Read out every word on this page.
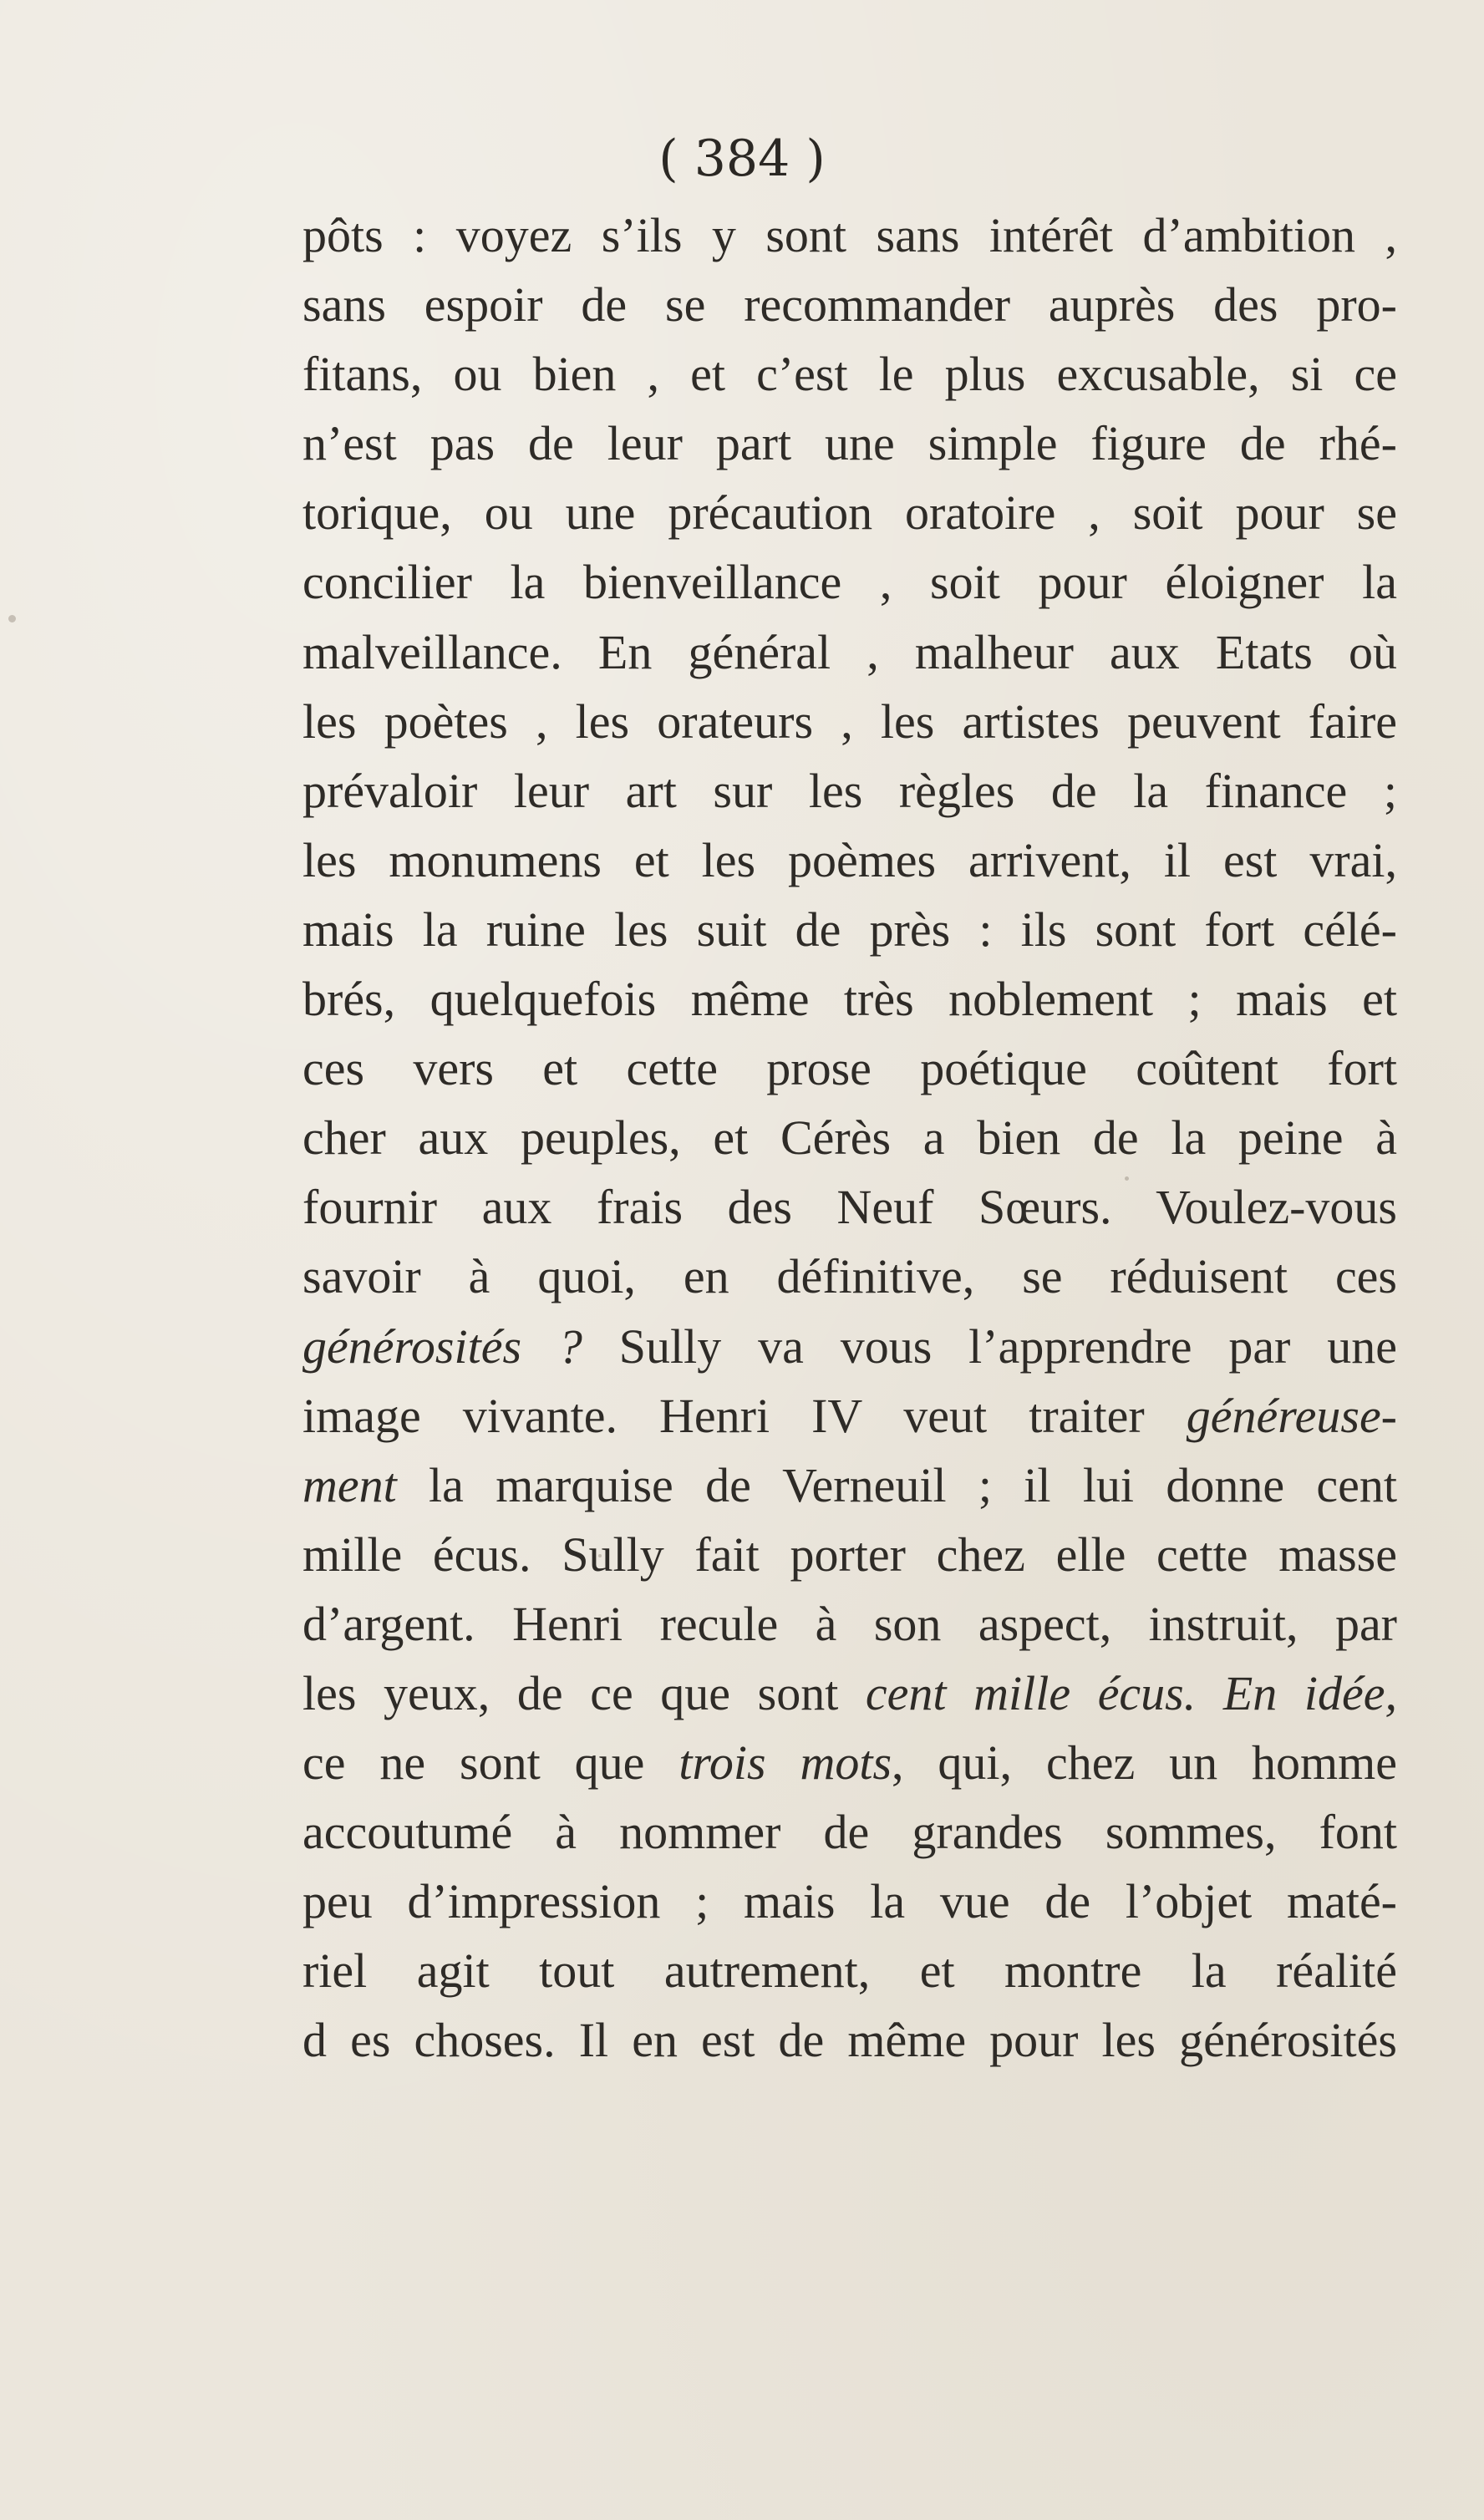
( 384 )
pôts : voyez s’ils y sont sans intérêt d’ambition ,
sans espoir de se recommander auprès des pro-
fitans, ou bien , et c’est le plus excusable, si ce
n’est pas de leur part une simple figure de rhé-
torique, ou une précaution oratoire , soit pour se
concilier la bienveillance , soit pour éloigner la
malveillance. En général , malheur aux Etats où
les poètes , les orateurs , les artistes peuvent faire
prévaloir leur art sur les règles de la finance ;
les monumens et les poèmes arrivent, il est vrai,
mais la ruine les suit de près : ils sont fort célé-
brés, quelquefois même très noblement ; mais et
ces vers et cette prose poétique coûtent fort
cher aux peuples, et Cérès a bien de la peine à
fournir aux frais des Neuf Sœurs. Voulez-vous
savoir à quoi, en définitive, se réduisent ces
générosités ? Sully va vous l’apprendre par une
image vivante. Henri IV veut traiter généreuse-
ment la marquise de Verneuil ; il lui donne cent
mille écus. Sully fait porter chez elle cette masse
d’argent. Henri recule à son aspect, instruit, par
les yeux, de ce que sont cent mille écus. En idée,
ce ne sont que trois mots, qui, chez un homme
accoutumé à nommer de grandes sommes, font
peu d’impression ; mais la vue de l’objet maté-
riel agit tout autrement, et montre la réalité
d es choses. Il en est de même pour les générosités
